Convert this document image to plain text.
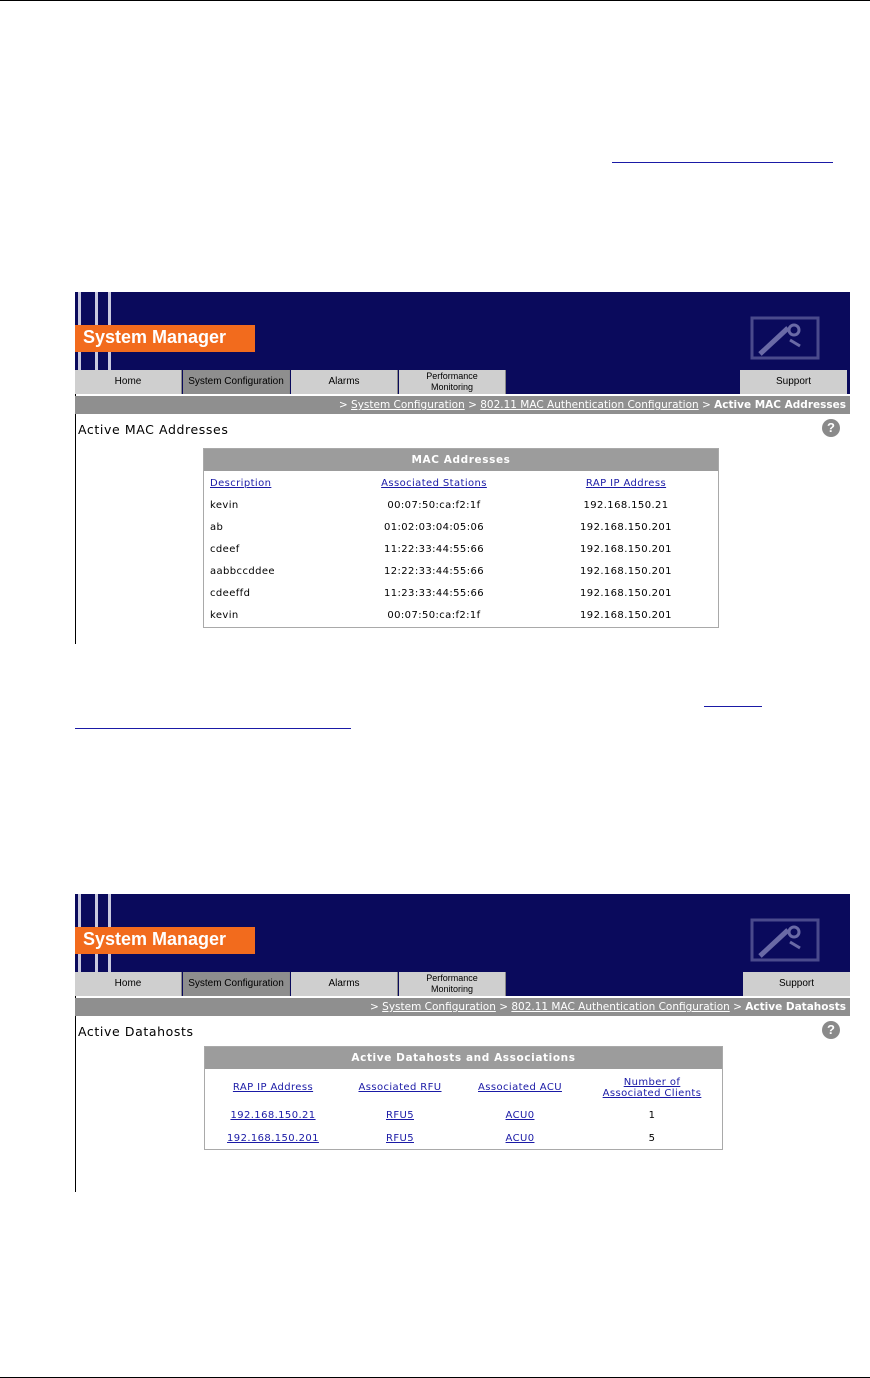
System Manager
Home	System Configuration	Alarms	Performance
Monitoring	Support
> System Configuration > 802.11 MAC Authentication Configuration > Active MAC Addresses
Active MAC Addresses	?
MAC Addresses
Description	Associated Stations	RAP IP Address
kevin	00:07:50:ca:f2:1f	192.168.150.21
ab	01:02:03:04:05:06	192.168.150.201
cdeef	11:22:33:44:55:66	192.168.150.201
aabbccddee	12:22:33:44:55:66	192.168.150.201
cdeeffd	11:23:33:44:55:66	192.168.150.201
kevin	00:07:50:ca:f2:1f	192.168.150.201
System Manager
Home	System Configuration	Alarms	Performance
Monitoring	Support
> System Configuration > 802.11 MAC Authentication Configuration > Active Datahosts
Active Datahosts	?
Active Datahosts and Associations
RAP IP Address	Associated RFU	Associated ACU	Number of
Associated Clients
192.168.150.21	RFU5	ACU0	1
192.168.150.201	RFU5	ACU0	5
